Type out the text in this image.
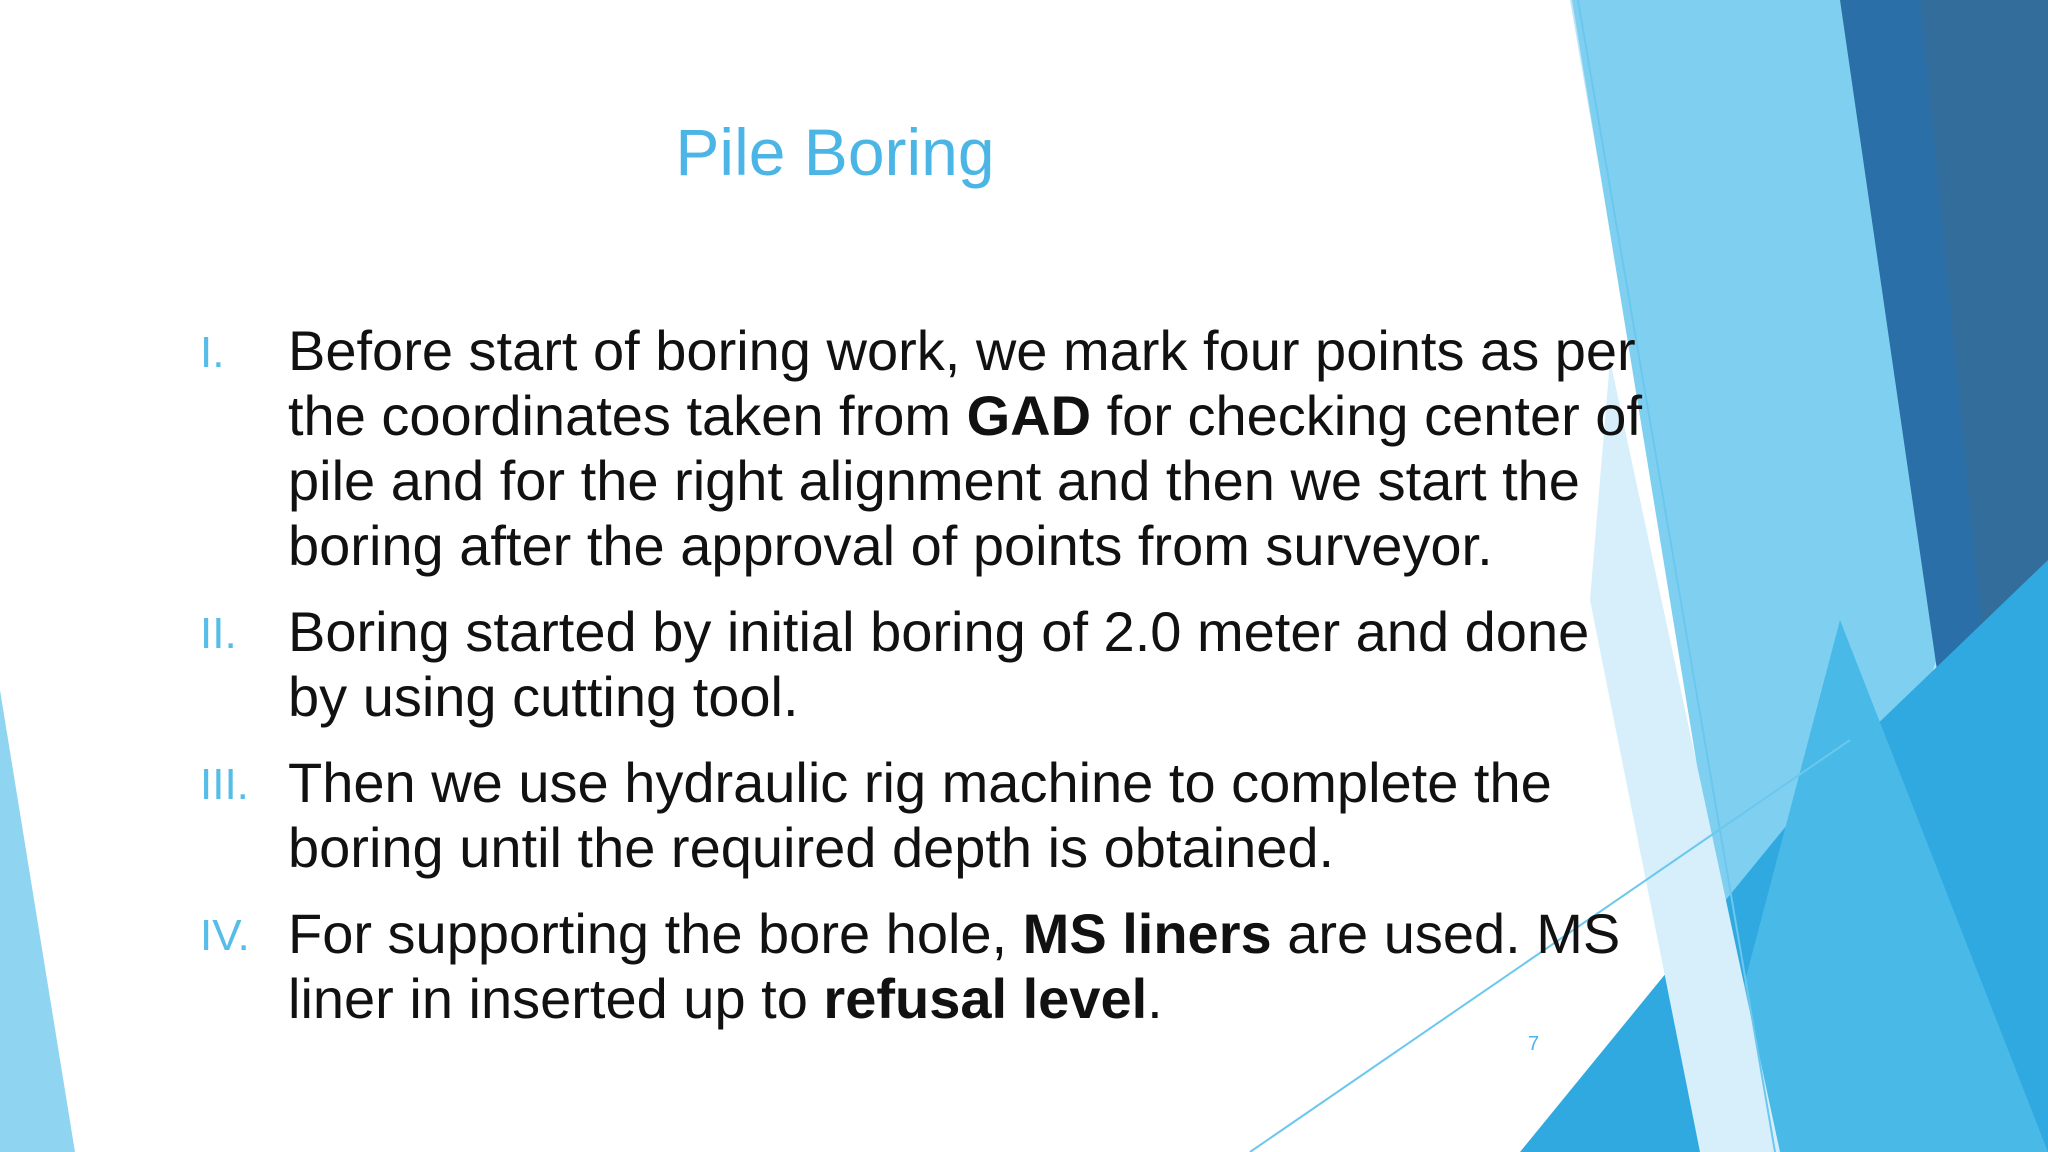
Pile Boring
I.	Before start of boring work, we mark four points as per the coordinates taken from GAD for checking center of pile and for the right alignment and then we start the boring after the approval of points from surveyor.
II. Boring started by initial boring of 2.0 meter and done by using cutting tool.
III. Then we use hydraulic rig machine to complete the boring until the required depth is obtained.
IV. For supporting the bore hole, MS liners are used. MS liner in inserted up to refusal level.
7
